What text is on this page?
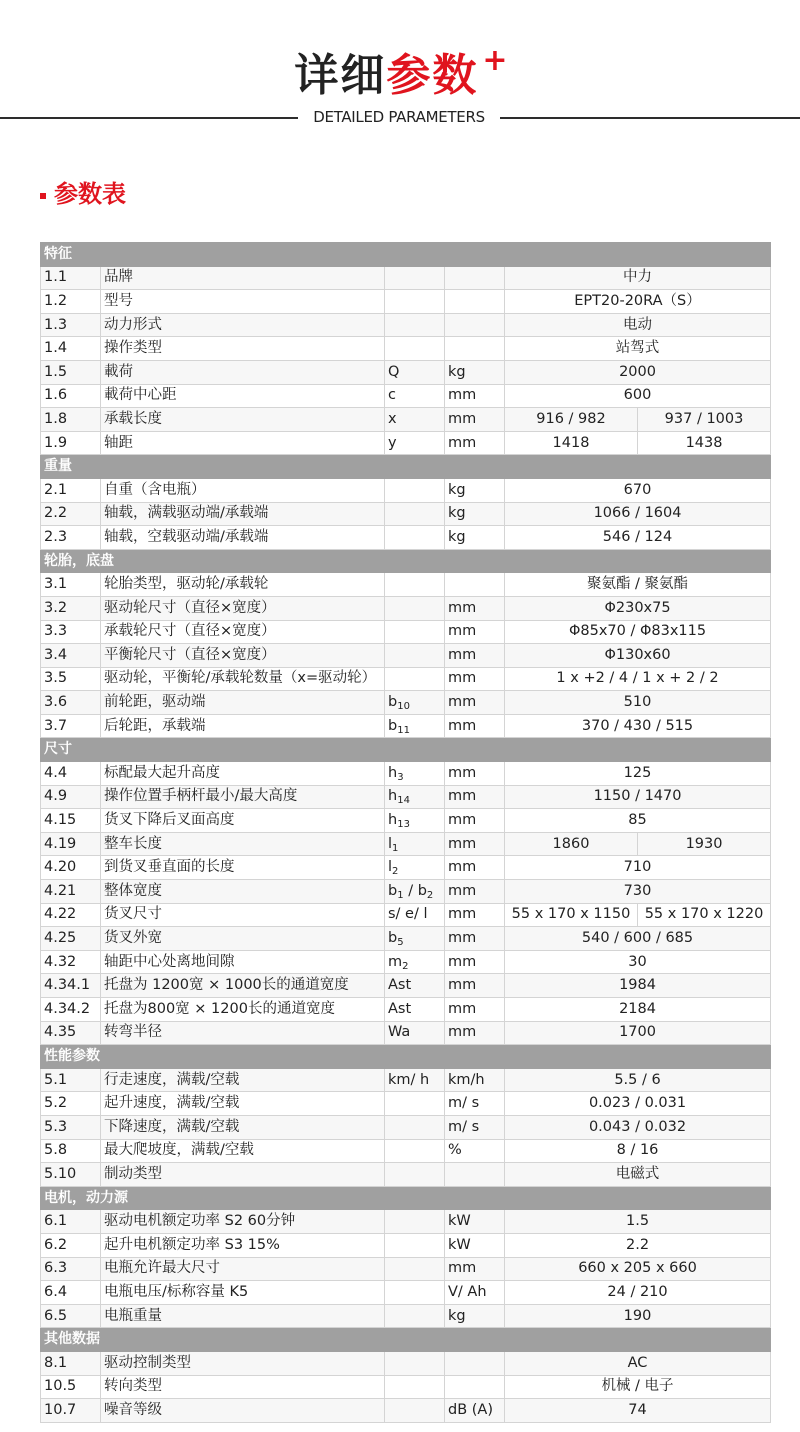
详细参数 +
DETAILED PARAMETERS
参数表
特征					
1.1	品牌			中力	
1.2	型号			EPT20-20RA（S）	
1.3	动力形式			电动	
1.4	操作类型			站驾式	
1.5	載荷	Q	kg	2000	
1.6	載荷中心距	c	mm	600	
1.8	承载长度	x	mm	916 / 982	937 / 1003
1.9	轴距	y	mm	1418	1438
重量					
2.1	自重（含电瓶）		kg	670	
2.2	轴载，满载驱动端/承载端		kg	1066 / 1604	
2.3	轴载，空载驱动端/承载端		kg	546 / 124	
轮胎，底盘					
3.1	轮胎类型，驱动轮/承载轮			聚氨酯 / 聚氨酯	
3.2	驱动轮尺寸（直径×宽度）		mm	Φ230x75	
3.3	承载轮尺寸（直径×宽度）		mm	Φ85x70 / Φ83x115	
3.4	平衡轮尺寸（直径×宽度）		mm	Φ130x60	
3.5	驱动轮，平衡轮/承载轮数量（x=驱动轮）		mm	1 x +2 / 4 / 1 x + 2 / 2	
3.6	前轮距，驱动端	$b_{10}$	mm	510	
3.7	后轮距，承载端	$b_{11}$	mm	370 / 430 / 515	
尺寸					
4.4	标配最大起升高度	$h_3$	mm	125	
4.9	操作位置手柄杆最小/最大高度	$h_{14}$	mm	1150 / 1470	
4.15	货叉下降后叉面高度	$h_{13}$	mm	85	
4.19	整车长度	$l_1$	mm	1860	1930
4.20	到货叉垂直面的长度	$l_2$	mm	710	
4.21	整体宽度	$b_1 / b_2$	mm	730	
4.22	货叉尺寸	s/ e/ l	mm	55 x 170 x 1150	55 x 170 x 1220
4.25	货叉外宽	$b_5$	mm	540 / 600 / 685	
4.32	轴距中心处离地间隙	$m_2$	mm	30	
4.34.1	托盘为 1200宽 × 1000长的通道宽度	Ast	mm	1984	
4.34.2	托盘为800宽 × 1200长的通道宽度	Ast	mm	2184	
4.35	转弯半径	Wa	mm	1700	
性能参数					
5.1	行走速度，满载/空载	km/ h	km/h	5.5 / 6	
5.2	起升速度，满载/空载		m/ s	0.023 / 0.031	
5.3	下降速度，满载/空载		m/ s	0.043 / 0.032	
5.8	最大爬坡度，满载/空载		%	8 / 16	
5.10	制动类型			电磁式	
电机，动力源					
6.1	驱动电机额定功率 S2 60分钟		kW	1.5	
6.2	起升电机额定功率 S3 15%		kW	2.2	
6.3	电瓶允许最大尺寸		mm	660 x 205 x 660	
6.4	电瓶电压/标称容量 K5		V/ Ah	24 / 210	
6.5	电瓶重量		kg	190	
其他数据					
8.1	驱动控制类型			AC	
10.5	转向类型			机械 / 电子	
10.7	噪音等级		dB (A)	74	
